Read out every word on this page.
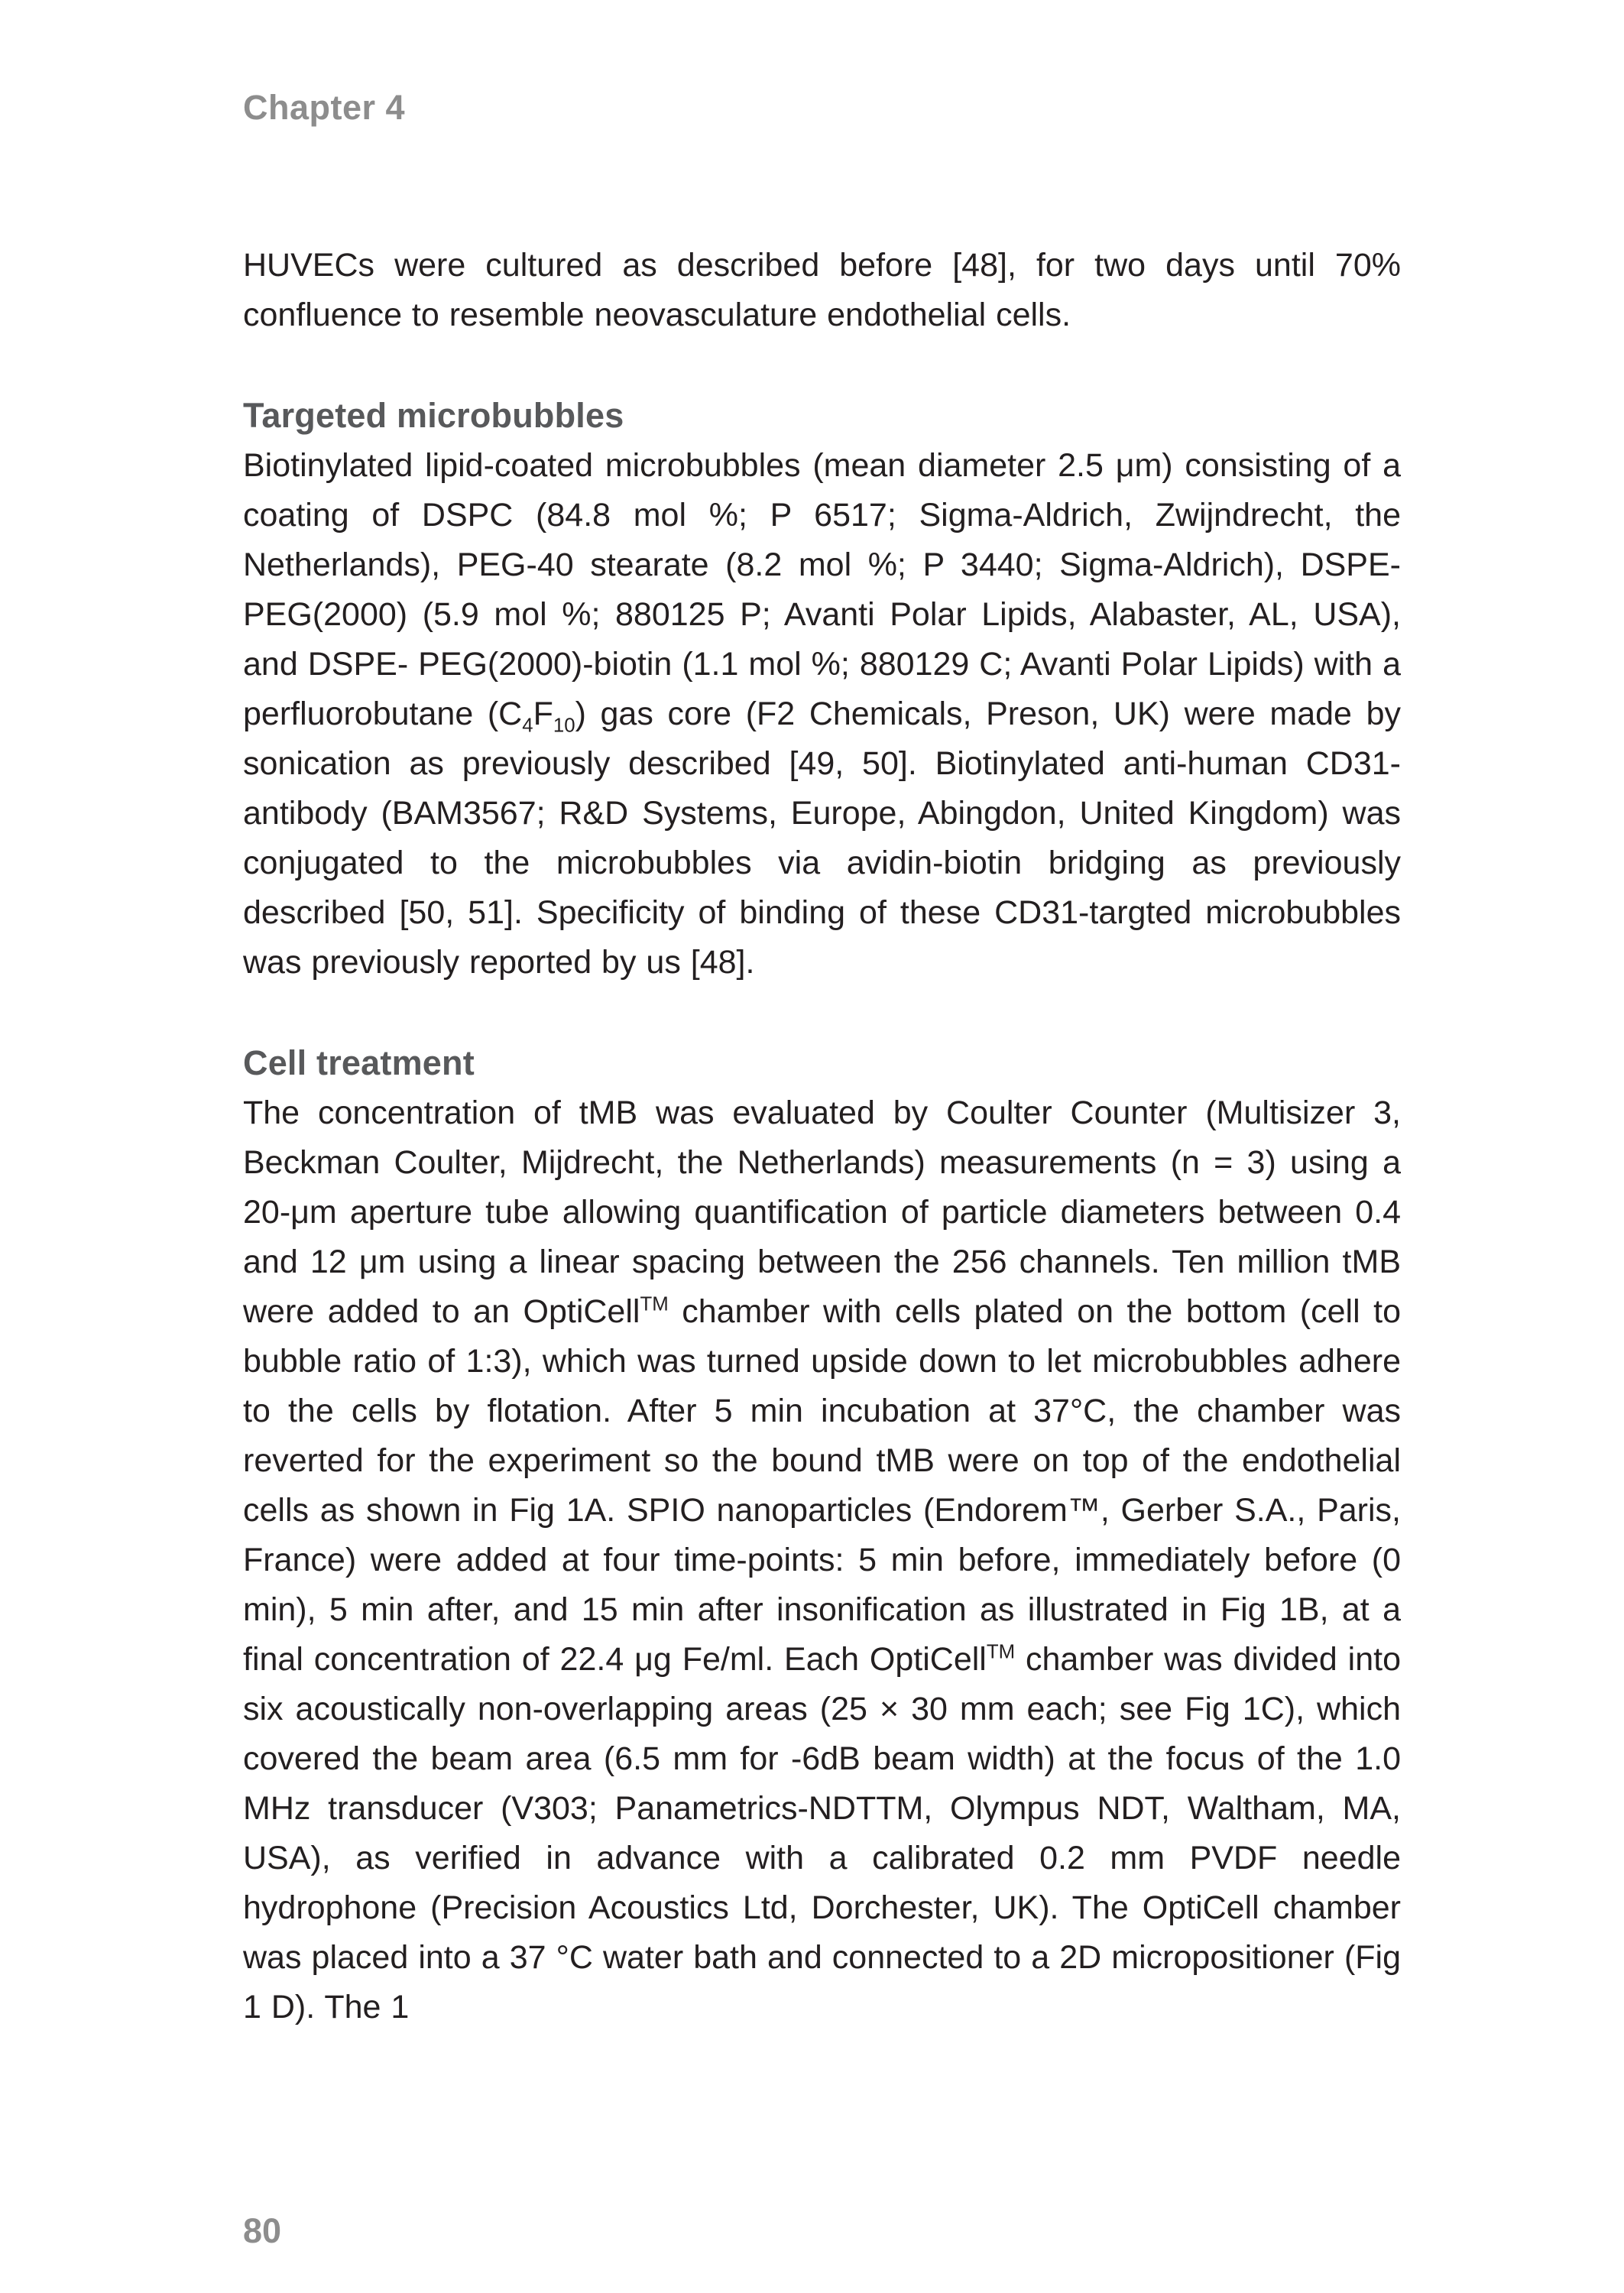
Chapter 4

HUVECs were cultured as described before [48], for two days until 70% confluence to resemble neovasculature endothelial cells.

Targeted microbubbles

Biotinylated lipid-coated microbubbles (mean diameter 2.5 μm) consisting of a coating of DSPC (84.8 mol %; P 6517; Sigma-Aldrich, Zwijndrecht, the Netherlands), PEG-40 stearate (8.2 mol %; P 3440; Sigma-Aldrich), DSPE-PEG(2000) (5.9 mol %; 880125 P; Avanti Polar Lipids, Alabaster, AL, USA), and DSPE- PEG(2000)-biotin (1.1 mol %; 880129 C; Avanti Polar Lipids) with a perfluorobutane $(C_4F_{10})$ gas core (F2 Chemicals, Preson, UK) were made by sonication as previously described [49, 50]. Biotinylated anti-human CD31-antibody (BAM3567; R&D Systems, Europe, Abingdon, United Kingdom) was conjugated to the microbubbles via avidin-biotin bridging as previously described [50, 51]. Specificity of binding of these CD31-targted microbubbles was previously reported by us [48].

Cell treatment

The concentration of tMB was evaluated by Coulter Counter (Multisizer 3, Beckman Coulter, Mijdrecht, the Netherlands) measurements (n = 3) using a 20-μm aperture tube allowing quantification of particle diameters between 0.4 and 12 μm using a linear spacing between the 256 channels. Ten million tMB were added to an OptiCell™ chamber with cells plated on the bottom (cell to bubble ratio of 1:3), which was turned upside down to let microbubbles adhere to the cells by flotation. After 5 min incubation at 37°C, the chamber was reverted for the experiment so the bound tMB were on top of the endothelial cells as shown in Fig 1A. SPIO nanoparticles (Endorem™, Gerber S.A., Paris, France) were added at four time-points: 5 min before, immediately before (0 min), 5 min after, and 15 min after insonification as illustrated in Fig 1B, at a final concentration of 22.4 μg Fe/ml. Each OptiCell™ chamber was divided into six acoustically non-overlapping areas (25 × 30 mm each; see Fig 1C), which covered the beam area (6.5 mm for -6dB beam width) at the focus of the 1.0 MHz transducer (V303; Panametrics-NDTTM, Olympus NDT, Waltham, MA, USA), as verified in advance with a calibrated 0.2 mm PVDF needle hydrophone (Precision Acoustics Ltd, Dorchester, UK). The OptiCell chamber was placed into a 37 °C water bath and connected to a 2D micropositioner (Fig 1 D). The 1

80
